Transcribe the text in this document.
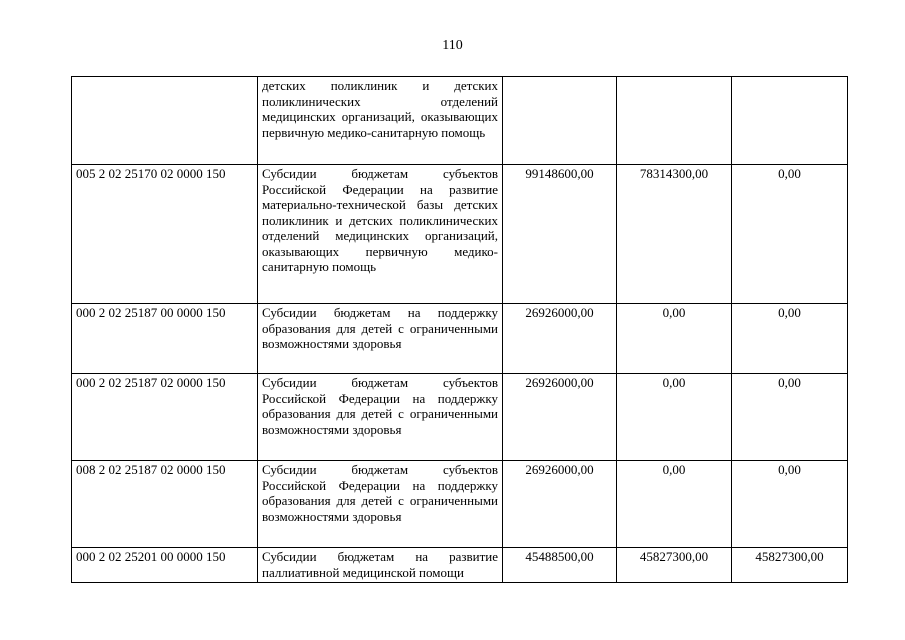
110
	детских поликлиник и детских поликлинических отделений медицинских организаций, оказывающих первичную медико-санитарную помощь			
005 2 02 25170 02 0000 150	Субсидии бюджетам субъектов Российской Федерации на развитие материально-технической базы детских поликлиник и детских поликлинических отделений медицинских организаций, оказывающих первичную медико-санитарную помощь	99148600,00	78314300,00	0,00
000 2 02 25187 00 0000 150	Субсидии бюджетам на поддержку образования для детей с ограниченными возможностями здоровья	26926000,00	0,00	0,00
000 2 02 25187 02 0000 150	Субсидии бюджетам субъектов Российской Федерации на поддержку образования для детей с ограниченными возможностями здоровья	26926000,00	0,00	0,00
008 2 02 25187 02 0000 150	Субсидии бюджетам субъектов Российской Федерации на поддержку образования для детей с ограниченными возможностями здоровья	26926000,00	0,00	0,00
000 2 02 25201 00 0000 150	Субсидии бюджетам на развитие паллиативной медицинской помощи	45488500,00	45827300,00	45827300,00
